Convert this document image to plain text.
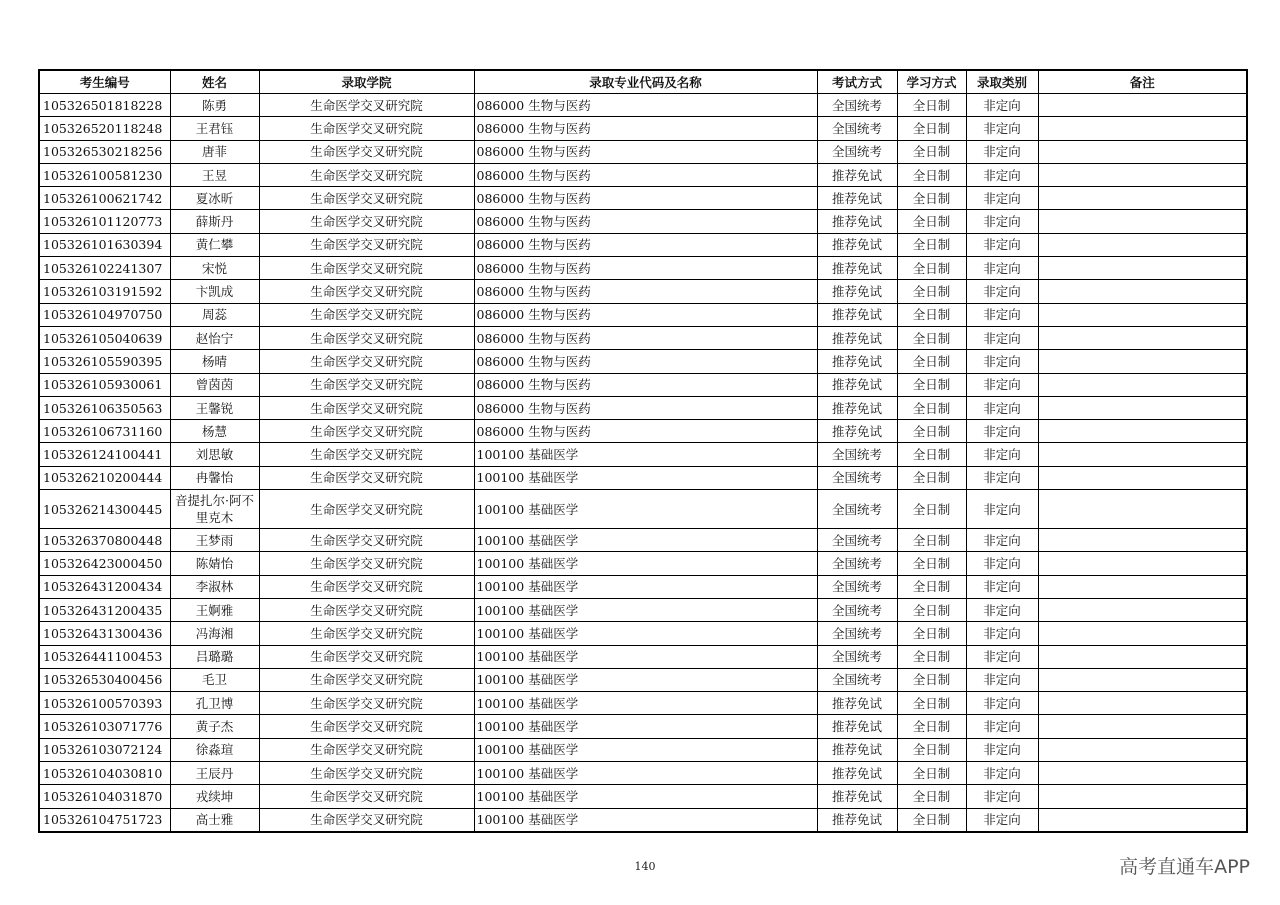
考生编号	姓名	录取学院	录取专业代码及名称	考试方式	学习方式	录取类别	备注
105326501818228	陈勇	生命医学交叉研究院	086000 生物与医药	全国统考	全日制	非定向	
105326520118248	王君钰	生命医学交叉研究院	086000 生物与医药	全国统考	全日制	非定向	
105326530218256	唐菲	生命医学交叉研究院	086000 生物与医药	全国统考	全日制	非定向	
105326100581230	王昱	生命医学交叉研究院	086000 生物与医药	推荐免试	全日制	非定向	
105326100621742	夏冰昕	生命医学交叉研究院	086000 生物与医药	推荐免试	全日制	非定向	
105326101120773	薛斯丹	生命医学交叉研究院	086000 生物与医药	推荐免试	全日制	非定向	
105326101630394	黄仁攀	生命医学交叉研究院	086000 生物与医药	推荐免试	全日制	非定向	
105326102241307	宋悦	生命医学交叉研究院	086000 生物与医药	推荐免试	全日制	非定向	
105326103191592	卞凯成	生命医学交叉研究院	086000 生物与医药	推荐免试	全日制	非定向	
105326104970750	周蕊	生命医学交叉研究院	086000 生物与医药	推荐免试	全日制	非定向	
105326105040639	赵怡宁	生命医学交叉研究院	086000 生物与医药	推荐免试	全日制	非定向	
105326105590395	杨晴	生命医学交叉研究院	086000 生物与医药	推荐免试	全日制	非定向	
105326105930061	曾茵茵	生命医学交叉研究院	086000 生物与医药	推荐免试	全日制	非定向	
105326106350563	王馨锐	生命医学交叉研究院	086000 生物与医药	推荐免试	全日制	非定向	
105326106731160	杨慧	生命医学交叉研究院	086000 生物与医药	推荐免试	全日制	非定向	
105326124100441	刘思敏	生命医学交叉研究院	100100 基础医学	全国统考	全日制	非定向	
105326210200444	冉馨怡	生命医学交叉研究院	100100 基础医学	全国统考	全日制	非定向	
105326214300445	音提扎尔·阿不里克木	生命医学交叉研究院	100100 基础医学	全国统考	全日制	非定向	
105326370800448	王梦雨	生命医学交叉研究院	100100 基础医学	全国统考	全日制	非定向	
105326423000450	陈婧怡	生命医学交叉研究院	100100 基础医学	全国统考	全日制	非定向	
105326431200434	李淑林	生命医学交叉研究院	100100 基础医学	全国统考	全日制	非定向	
105326431200435	王婀雅	生命医学交叉研究院	100100 基础医学	全国统考	全日制	非定向	
105326431300436	冯海湘	生命医学交叉研究院	100100 基础医学	全国统考	全日制	非定向	
105326441100453	吕璐璐	生命医学交叉研究院	100100 基础医学	全国统考	全日制	非定向	
105326530400456	毛卫	生命医学交叉研究院	100100 基础医学	全国统考	全日制	非定向	
105326100570393	孔卫博	生命医学交叉研究院	100100 基础医学	推荐免试	全日制	非定向	
105326103071776	黄子杰	生命医学交叉研究院	100100 基础医学	推荐免试	全日制	非定向	
105326103072124	徐淼瑄	生命医学交叉研究院	100100 基础医学	推荐免试	全日制	非定向	
105326104030810	王辰丹	生命医学交叉研究院	100100 基础医学	推荐免试	全日制	非定向	
105326104031870	戎续坤	生命医学交叉研究院	100100 基础医学	推荐免试	全日制	非定向	
105326104751723	高士雅	生命医学交叉研究院	100100 基础医学	推荐免试	全日制	非定向	
140	高考直通车APP
